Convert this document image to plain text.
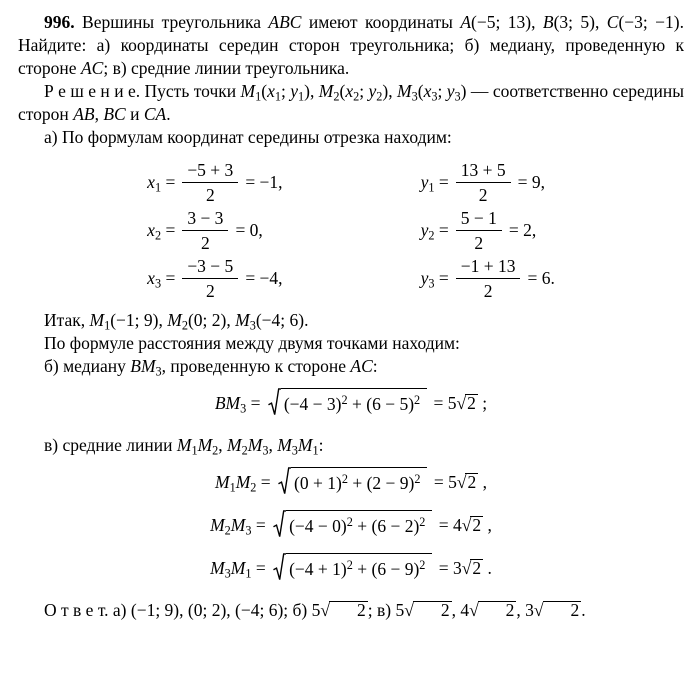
996. Вершины треугольника ABC имеют координаты A(−5; 13), B(3; 5), C(−3; −1). Найдите: а) координаты середин сторон треугольника; б) медиану, проведенную к стороне AC; в) средние линии треугольника.

Р е ш е н и е. Пусть точки $M_1(x_1$; $y_1$), $M_2(x_2$; $y_2$), $M_3(x_3$; $y_3$) — соответственно середины сторон AB, BC и CA.

а) По формулам координат середины отрезка находим:

$x_1 = \frac{-5 + 3}{2} = -1$,
$x_2 = \frac{3 - 3}{2} = 0$,
$x_3 = \frac{-3 - 5}{2} = -4$,
$y_1 = \frac{13 + 5}{2} = 9$,
$y_2 = \frac{5 - 1}{2} = 2$,
$y_3 = \frac{-1 + 13}{2} = 6$.

Итак, $M_1(-1$; 9), $M_2(0$; 2), $M_3(-4$; 6).

По формуле расстояния между двумя точками находим:

б) медиану $BM_3$, проведенную к стороне AC:

$BM_3$ =
$(-4 - 3)^2 + (6 - 5)^2 = 5√2$ ;

в) средние линии $M_1M_2$, $M_2M_3$, $M_3M_1$:

$M_1M_2$ =
$(0 + 1)^2 + (2 - 9)^2 = 5√2$ ,
$M_2M_3$ =
$(-4 - 0)^2 + (6 - 2)^2 = 4√2$ ,
$M_3M_1$ =
$(-4 + 1)^2 + (6 - 9)^2 = 3√2$ .

О т в е т. а) (−1; 9), (0; 2), (−4; 6); б) 5√ 2 ; в) 5√ 2 , 4√ 2 , 3√ 2 .
